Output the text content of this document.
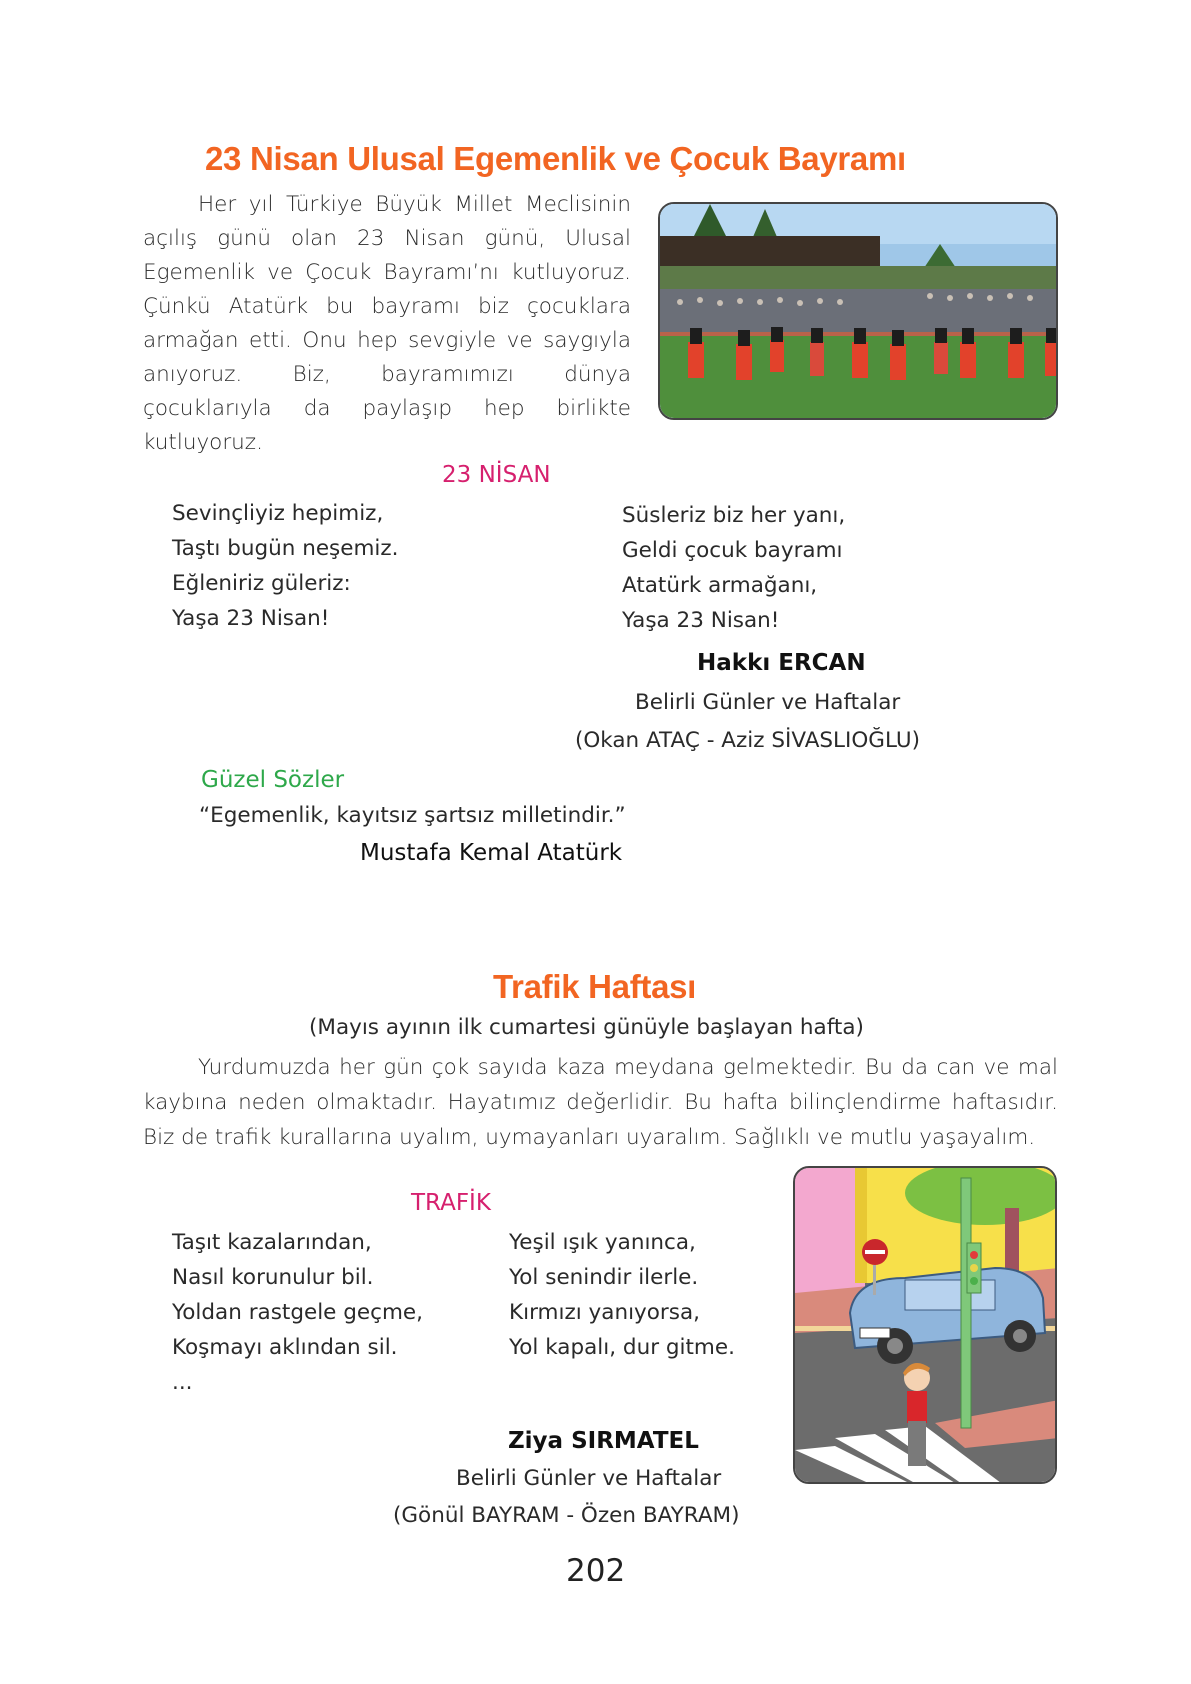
23 Nisan Ulusal Egemenlik ve Çocuk Bayramı

Her yıl Türkiye Büyük Millet Meclisinin açılış günü olan 23 Nisan günü, Ulusal Egemenlik ve Çocuk Bayramı’nı kutluyoruz. Çünkü Atatürk bu bayramı biz çocuklara armağan etti. Onu hep sevgiyle ve saygıyla anıyoruz. Biz, bayramımızı dünya çocuklarıyla da paylaşıp hep birlikte kutluyoruz.

23 NİSAN
Sevinçliyiz hepimiz,
Taştı bugün neşemiz.
Eğleniriz güleriz:
Yaşa 23 Nisan!
Süsleriz biz her yanı,
Geldi çocuk bayramı
Atatürk armağanı,
Yaşa 23 Nisan!
Hakkı ERCAN
Belirli Günler ve Haftalar
(Okan ATAÇ - Aziz SİVASLIOĞLU)
Güzel Sözler
“Egemenlik, kayıtsız şartsız milletindir.”
Mustafa Kemal Atatürk
Trafik Haftası
(Mayıs ayının ilk cumartesi günüyle başlayan hafta)

Yurdumuzda her gün çok sayıda kaza meydana gelmektedir. Bu da can ve mal kaybına neden olmaktadır. Hayatımız değerlidir. Bu hafta bilinçlendirme haftasıdır. Biz de trafik kurallarına uyalım, uymayanları uyaralım. Sağlıklı ve mutlu yaşayalım.

TRAFİK
Taşıt kazalarından,
Nasıl korunulur bil.
Yoldan rastgele geçme,
Koşmayı aklından sil.
...
Yeşil ışık yanınca,
Yol senindir ilerle.
Kırmızı yanıyorsa,
Yol kapalı, dur gitme.
Ziya SIRMATEL
Belirli Günler ve Haftalar
(Gönül BAYRAM - Özen BAYRAM)
202
